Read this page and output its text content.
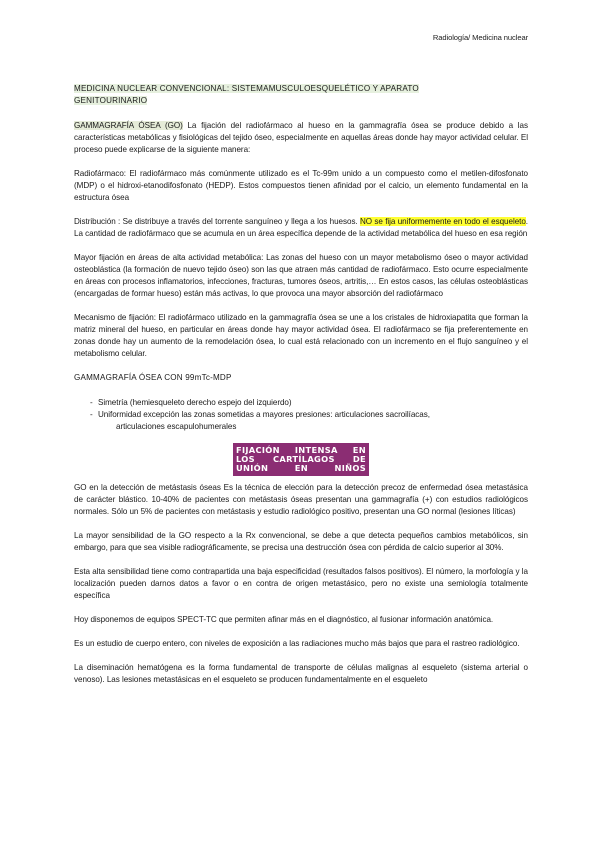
Radiología/ Medicina nuclear
MEDICINA NUCLEAR CONVENCIONAL: SISTEMAMUSCULOESQUELÉTICO Y APARATO GENITOURINARIO

GAMMAGRAFÍA ÓSEA (GO) La fijación del radiofármaco al hueso en la gammagrafía ósea se produce debido a las características metabólicas y fisiológicas del tejido óseo, especialmente en aquellas áreas donde hay mayor actividad celular. El proceso puede explicarse de la siguiente manera:

Radiofármaco: El radiofármaco más comúnmente utilizado es el Tc-99m unido a un compuesto como el metilen-difosfonato (MDP) o el hidroxi-etanodifosfonato (HEDP). Estos compuestos tienen afinidad por el calcio, un elemento fundamental en la estructura ósea

Distribución : Se distribuye a través del torrente sanguíneo y llega a los huesos. NO se fija uniformemente en todo el esqueleto. La cantidad de radiofármaco que se acumula en un área específica depende de la actividad metabólica del hueso en esa región

Mayor fijación en áreas de alta actividad metabólica: Las zonas del hueso con un mayor metabolismo óseo o mayor actividad osteoblástica (la formación de nuevo tejido óseo) son las que atraen más cantidad de radiofármaco. Esto ocurre especialmente en áreas con procesos inflamatorios, infecciones, fracturas, tumores óseos, artritis,… En estos casos, las células osteoblásticas (encargadas de formar hueso) están más activas, lo que provoca una mayor absorción del radiofármaco

Mecanismo de fijación: El radiofármaco utilizado en la gammagrafía ósea se une a los cristales de hidroxiapatita que forman la matriz mineral del hueso, en particular en áreas donde hay mayor actividad ósea. El radiofármaco se fija preferentemente en zonas donde hay un aumento de la remodelación ósea, lo cual está relacionado con un incremento en el flujo sanguíneo y el metabolismo celular.

GAMMAGRAFÍA ÓSEA CON 99mTc-MDP
- Simetría (hemiesqueleto derecho espejo del izquierdo)
- Uniformidad excepción las zonas sometidas a mayores presiones: articulaciones sacroilíacas,
articulaciones escapulohumerales
FIJACIÓN INTENSA EN
LOS CARTÍLAGOS DE
UNIÓN EN NIÑOS

GO en la detección de metástasis óseas Es la técnica de elección para la detección precoz de enfermedad ósea metastásica de carácter blástico. 10-40% de pacientes con metástasis óseas presentan una gammagrafía (+) con estudios radiológicos normales. Sólo un 5% de pacientes con metástasis y estudio radiológico positivo, presentan una GO normal (lesiones líticas)

La mayor sensibilidad de la GO respecto a la Rx convencional, se debe a que detecta pequeños cambios metabólicos, sin embargo, para que sea visible radiográficamente, se precisa una destrucción ósea con pérdida de calcio superior al 30%.

Esta alta sensibilidad tiene como contrapartida una baja especificidad (resultados falsos positivos). El número, la morfología y la localización pueden darnos datos a favor o en contra de origen metastásico, pero no existe una semiología totalmente específica

Hoy disponemos de equipos SPECT-TC que permiten afinar más en el diagnóstico, al fusionar información anatómica.

Es un estudio de cuerpo entero, con niveles de exposición a las radiaciones mucho más bajos que para el rastreo radiológico.

La diseminación hematógena es la forma fundamental de transporte de células malignas al esqueleto (sistema arterial o venoso). Las lesiones metastásicas en el esqueleto se producen fundamentalmente en el esqueleto
